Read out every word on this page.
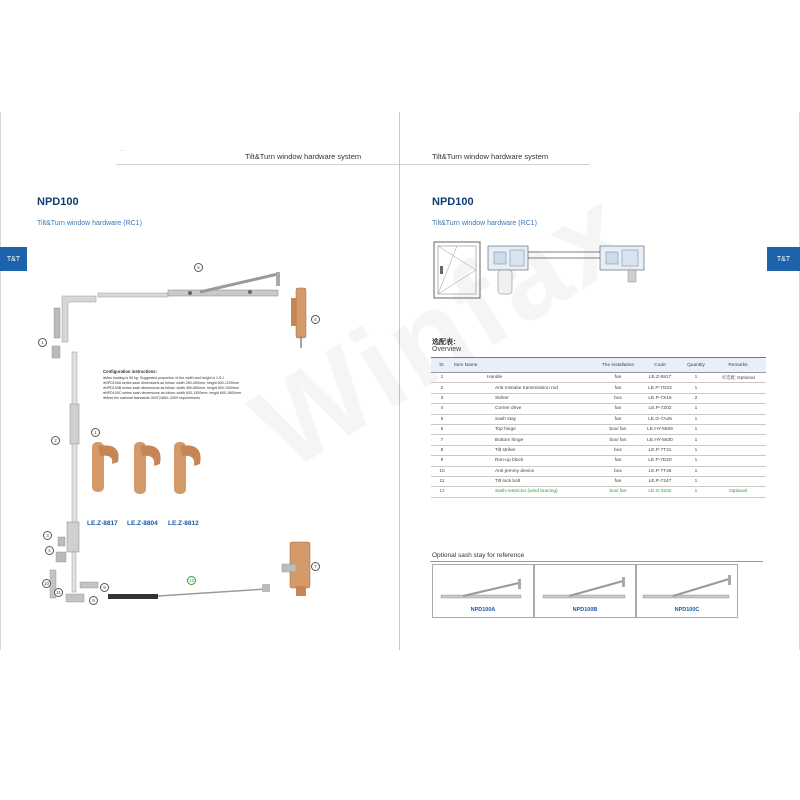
.
Tilt&Turn window hardware system
NPD100
Tilt&Turn window hardware (RC1)
T&T
1
1
2
3
4
5
6
7
8
9
10
11
12
Configuration instructions：
●Max loading is 90 kg. Suggested proportion of the width and height is 1.5:1
●NPD100A series sash dimensions as follow: width 280-450mm; height 600-1200mm
●NPD100B series sash dimensions as follow: width 450-650mm; height 600-1500mm
●NPD100C series sash dimensions as follow: width 600-1300mm; height 600-1800mm
●Meet the national standards GB/T24601-2009 requirements
LE.Z-8817 LE.Z-8804 LE.Z-8812
Tilt&Turn window hardware system
NPD100
Tilt&Turn window hardware (RC1)
T&T
选配表：
Overview
Sr.	Item Name	The installation	Code	Quantity	Remarks
1	Handle	fan	LE.Z-8817	1	可选配 Optional
2	Anti-mistake transmission rod	fan	LE.P-7G02	1	
3	Striker	box	LE.P-7X16	2	
4	Corner drive	fan	LE.P-7Z02	1	
5	Sash stay	fan	LE.G-7A45	1	
6	Top hinge	box/ fan	LE.HY-5829	1	
7	Bottom hinge	box/ fan	LE.HY-5830	1	
8	Tilt striker	box	LE.P-7T41	1	
9	Run-up block	fan	LE.P-7D20	1	
10	Anti-jemmy device	box	LE.P-7T46	1	
11	Tilt lock bolt	fan	LE.P-7247	1	
12	Sash-restrictor (wind bracing)	box/ fan	LE.G-3102	1	Optional
Optional sash stay for reference
NPD100A	NPD100B	NPD100C
